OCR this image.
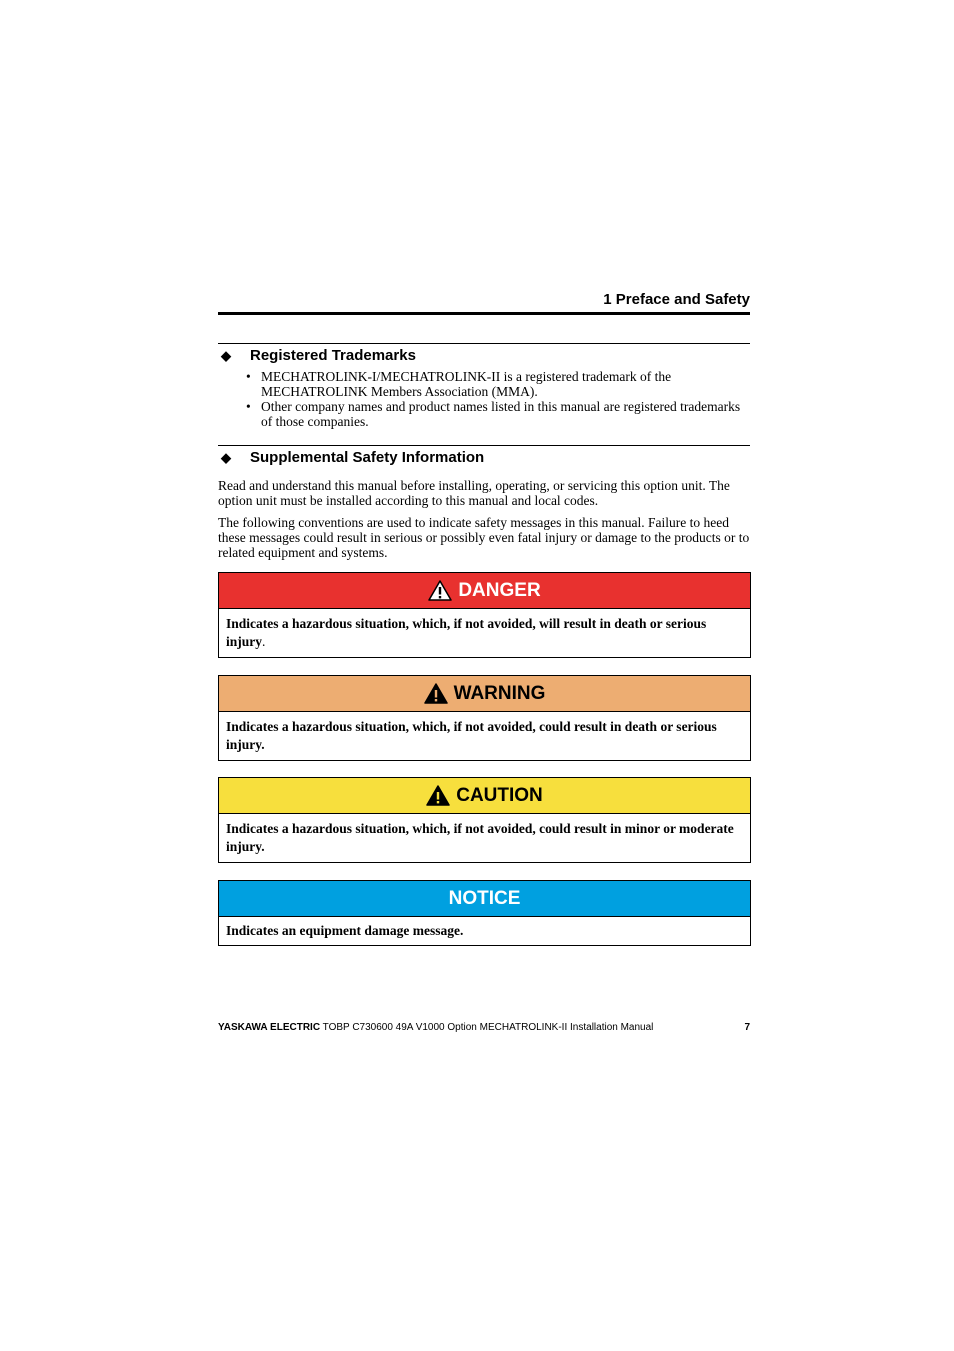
1 Preface and Safety
◆ Registered Trademarks
• MECHATROLINK-I/MECHATROLINK-II is a registered trademark of the MECHATROLINK Members Association (MMA).

• Other company names and product names listed in this manual are registered trademarks of those companies.

◆ Supplemental Safety Information

Read and understand this manual before installing, operating, or servicing this option unit. The option unit must be installed according to this manual and local codes.

The following conventions are used to indicate safety messages in this manual. Failure to heed these messages could result in serious or possibly even fatal injury or damage to the products or to related equipment and systems.

DANGER
Indicates a hazardous situation, which, if not avoided, will result in death or serious injury.
WARNING
Indicates a hazardous situation, which, if not avoided, could result in death or serious injury.
CAUTION
Indicates a hazardous situation, which, if not avoided, could result in minor or moderate injury.
NOTICE
Indicates an equipment damage message.
YASKAWA ELECTRIC TOBP C730600 49A V1000 Option MECHATROLINK-II Installation Manual	7
